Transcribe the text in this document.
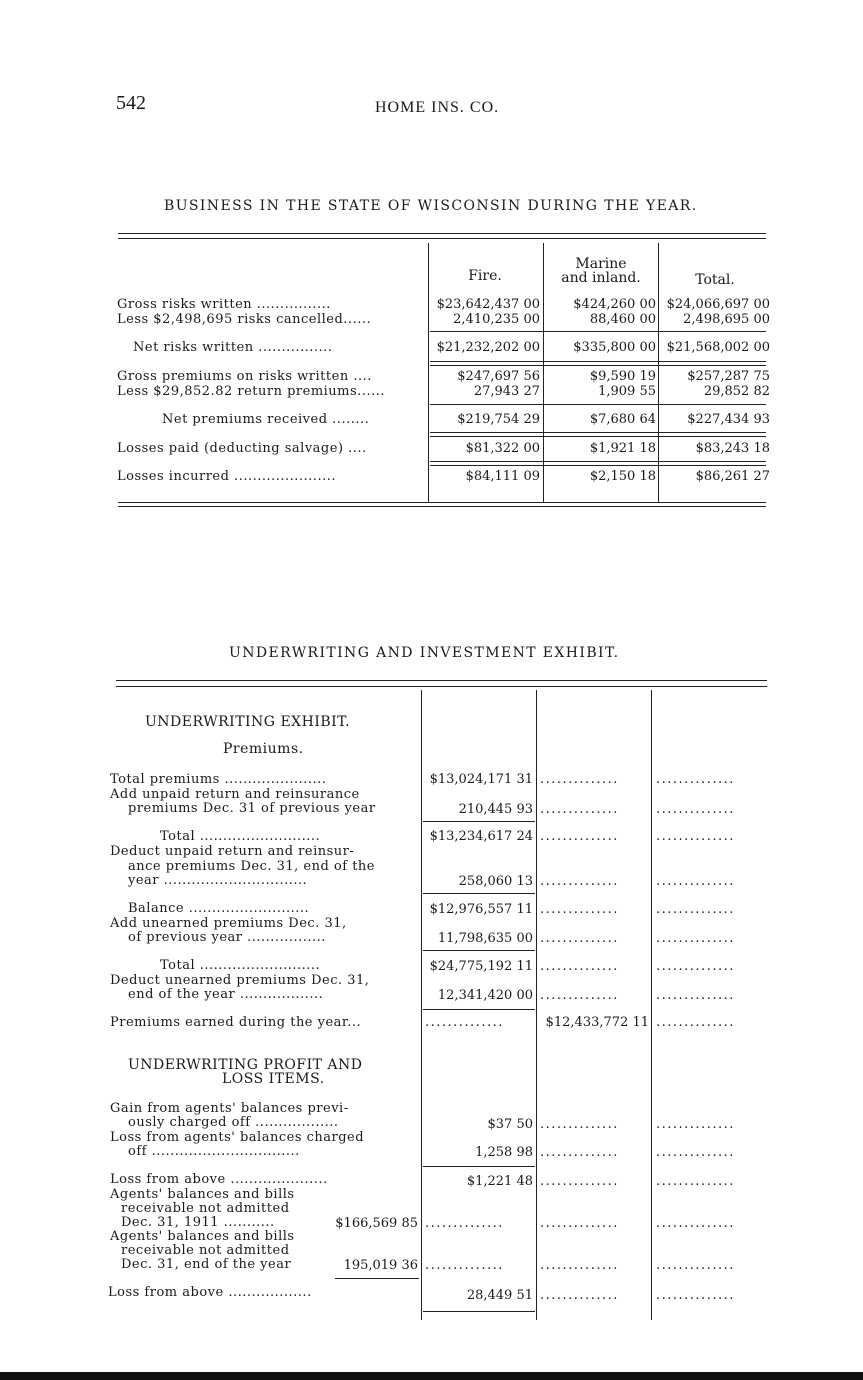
542	HOME INS. CO.
BUSINESS IN THE STATE OF WISCONSIN DURING THE YEAR.
Fire.
Marine
and inland.	Total.
Gross risks written ................	$23,642,437 00	$424,260 00 $24,066,697 00
Less $2,498,695 risks cancelled......	2,410,235 00	88,460 00	2,498,695 00
Net risks written ................	$21,232,202 00	$335,800 00 $21,568,002 00
Gross premiums on risks written ....	$247,697 56	$9,590 19	$257,287 75
Less $29,852.82 return premiums......	27,943 27	1,909 55	29,852 82
Net premiums received ........	$219,754 29	$7,680 64	$227,434 93
Losses paid (deducting salvage) ....	$81,322 00	$1,921 18	$83,243 18
Losses incurred ......................	$84,111 09	$2,150 18	$86,261 27
UNDERWRITING AND INVESTMENT EXHIBIT.
UNDERWRITING EXHIBIT.
Premiums.
Total premiums ......................	$13,024,171 31 ..............	..............
Add unpaid return and reinsurance
premiums Dec. 31 of previous year	210,445 93 ..............	..............
Total ..........................	$13,234,617 24 ..............	..............
Deduct unpaid return and reinsur-
ance premiums Dec. 31, end of the
year ...............................	258,060 13 ..............	..............
Balance ..........................	$12,976,557 11 ..............	..............
Add unearned premiums Dec. 31,
of previous year .................	11,798,635 00 ..............	..............
Total ..........................	$24,775,192 11 ..............	..............
Deduct unearned premiums Dec. 31,
end of the year ..................	12,341,420 00 ..............	..............
Premiums earned during the year...	..............	$12,433,772 11 ..............
UNDERWRITING PROFIT AND
LOSS ITEMS.
Gain from agents' balances previ-
ously charged off ..................	$37 50 ..............	..............
Loss from agents' balances charged
off ................................	1,258 98 ..............	..............
Loss from above .....................	$1,221 48 ..............	..............
Agents' balances and bills
receivable not admitted
Dec. 31, 1911 ...........	$166,569 85 ..............	..............	..............
Agents' balances and bills
receivable not admitted
Dec. 31, end of the year	195,019 36 ..............	..............	..............
Loss from above ..................	28,449 51 ..............	..............
